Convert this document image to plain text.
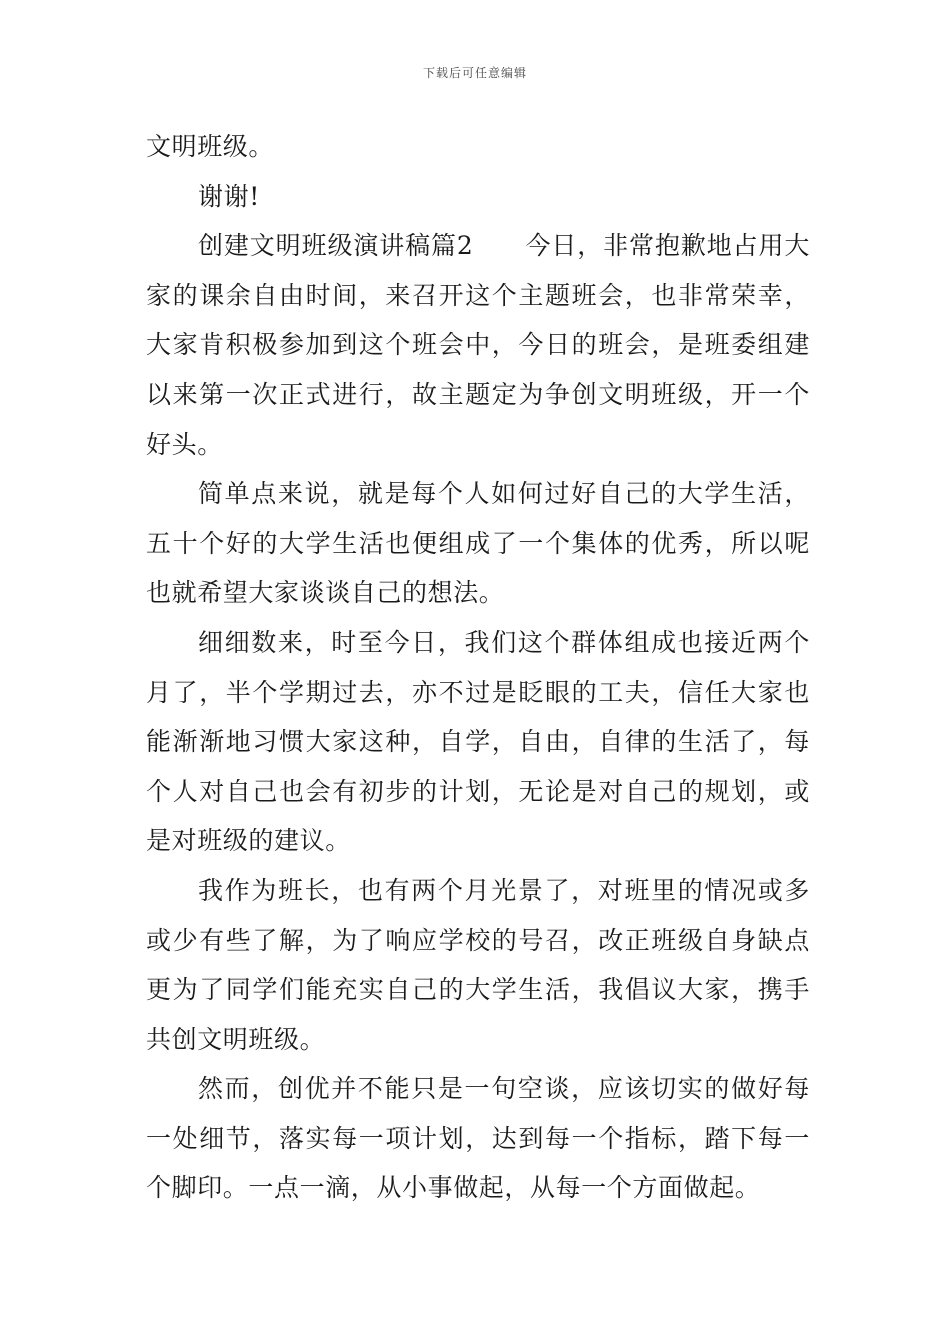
下载后可任意编辑

文明班级。

谢谢!

创建文明班级演讲稿篇2　　今日，非常抱歉地占用大家的课余自由时间，来召开这个主题班会，也非常荣幸，大家肯积极参加到这个班会中，今日的班会，是班委组建以来第一次正式进行，故主题定为争创文明班级，开一个好头。

简单点来说，就是每个人如何过好自己的大学生活，五十个好的大学生活也便组成了一个集体的优秀，所以呢也就希望大家谈谈自己的想法。

细细数来，时至今日，我们这个群体组成也接近两个月了，半个学期过去，亦不过是眨眼的工夫，信任大家也能渐渐地习惯大家这种，自学，自由，自律的生活了，每个人对自己也会有初步的计划，无论是对自己的规划，或是对班级的建议。

我作为班长，也有两个月光景了，对班里的情况或多或少有些了解，为了响应学校的号召，改正班级自身缺点更为了同学们能充实自己的大学生活，我倡议大家，携手共创文明班级。

然而，创优并不能只是一句空谈，应该切实的做好每一处细节，落实每一项计划，达到每一个指标，踏下每一个脚印。一点一滴，从小事做起，从每一个方面做起。
